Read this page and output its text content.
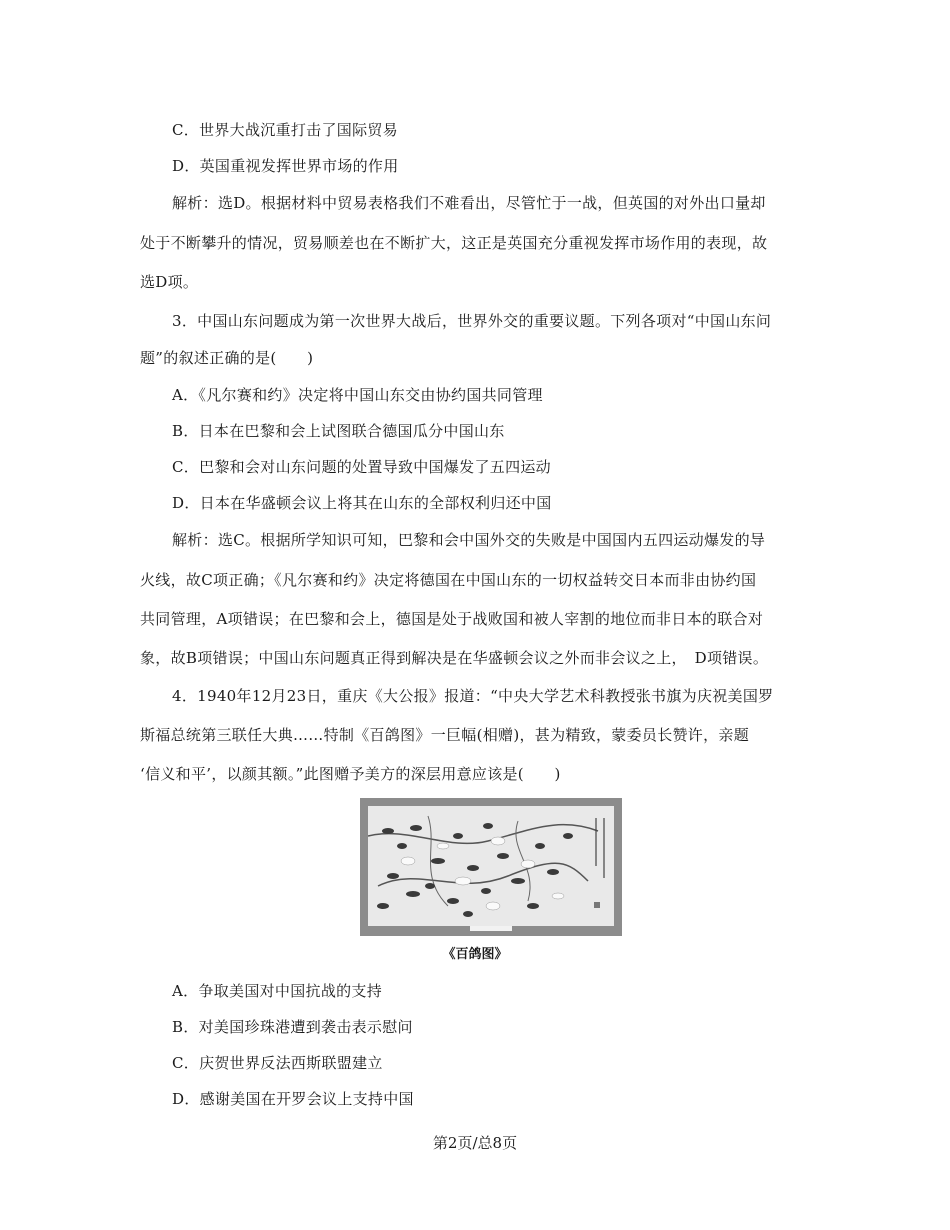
C．世界大战沉重打击了国际贸易
D．英国重视发挥世界市场的作用
解析：选D。根据材料中贸易表格我们不难看出，尽管忙于一战，但英国的对外出口量却
处于不断攀升的情况，贸易顺差也在不断扩大，这正是英国充分重视发挥市场作用的表现，故
选D项。
3．中国山东问题成为第一次世界大战后，世界外交的重要议题。下列各项对“中国山东问
题”的叙述正确的是(　　)
A．《凡尔赛和约》决定将中国山东交由协约国共同管理
B．日本在巴黎和会上试图联合德国瓜分中国山东
C．巴黎和会对山东问题的处置导致中国爆发了五四运动
D．日本在华盛顿会议上将其在山东的全部权利归还中国
解析：选C。根据所学知识可知，巴黎和会中国外交的失败是中国国内五四运动爆发的导
火线，故C项正确；《凡尔赛和约》决定将德国在中国山东的一切权益转交日本而非由协约国
共同管理，A项错误；在巴黎和会上，德国是处于战败国和被人宰割的地位而非日本的联合对
象，故B项错误；中国山东问题真正得到解决是在华盛顿会议之外而非会议之上，　D项错误。
4．1940年12月23日，重庆《大公报》报道：“中央大学艺术科教授张书旗为庆祝美国罗
斯福总统第三联任大典……特制《百鸽图》一巨幅(相赠)，甚为精致，蒙委员长赞许，亲题
‘信义和平’，以颜其额。”此图赠予美方的深层用意应该是(　　)
《百鸽图》
A．争取美国对中国抗战的支持
B．对美国珍珠港遭到袭击表示慰问
C．庆贺世界反法西斯联盟建立
D．感谢美国在开罗会议上支持中国
第2页/总8页
